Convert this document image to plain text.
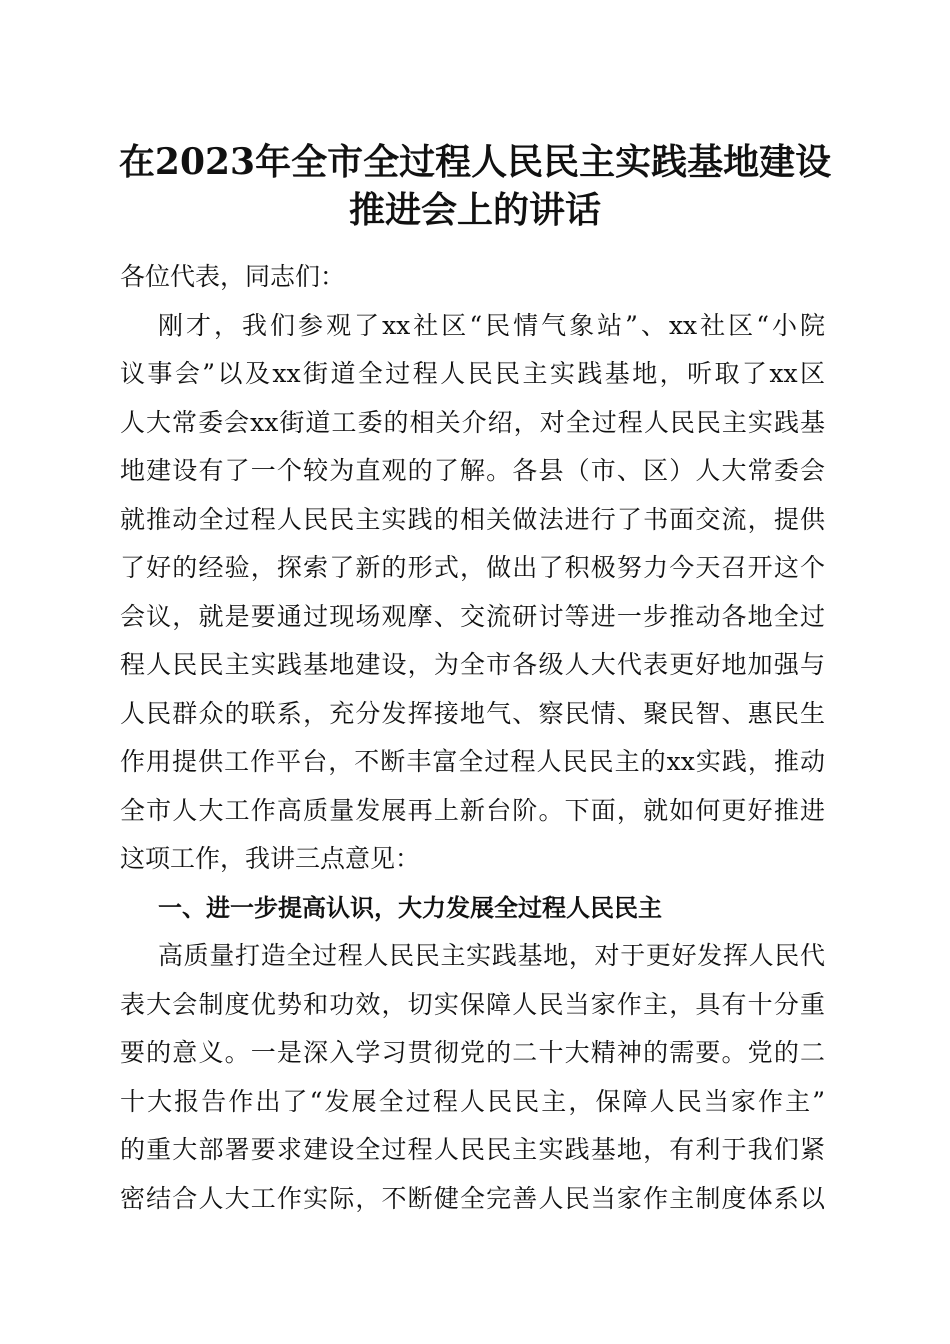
在2023年全市全过程人民民主实践基地建设
推进会上的讲话
各位代表，同志们：
刚才，我们参观了xx社区“民情气象站”、xx社区“小院
议事会”以及xx街道全过程人民民主实践基地，听取了xx区
人大常委会xx街道工委的相关介绍，对全过程人民民主实践基
地建设有了一个较为直观的了解。各县（市、区）人大常委会
就推动全过程人民民主实践的相关做法进行了书面交流，提供
了好的经验，探索了新的形式，做出了积极努力今天召开这个
会议，就是要通过现场观摩、交流研讨等进一步推动各地全过
程人民民主实践基地建设，为全市各级人大代表更好地加强与
人民群众的联系，充分发挥接地气、察民情、聚民智、惠民生
作用提供工作平台，不断丰富全过程人民民主的xx实践，推动
全市人大工作高质量发展再上新台阶。下面，就如何更好推进
这项工作，我讲三点意见：
一、进一步提高认识，大力发展全过程人民民主
高质量打造全过程人民民主实践基地，对于更好发挥人民代
表大会制度优势和功效，切实保障人民当家作主，具有十分重
要的意义。一是深入学习贯彻党的二十大精神的需要。党的二
十大报告作出了“发展全过程人民民主，保障人民当家作主”
的重大部署要求建设全过程人民民主实践基地，有利于我们紧
密结合人大工作实际，不断健全完善人民当家作主制度体系以
